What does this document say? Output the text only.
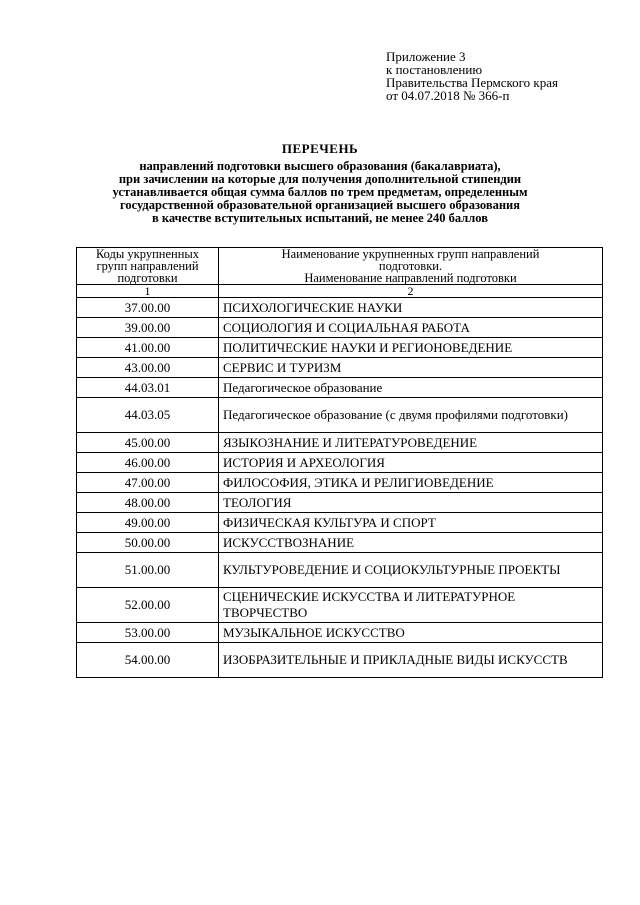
Приложение 3
к постановлению
Правительства Пермского края
от 04.07.2018 № 366-п
ПЕРЕЧЕНЬ
направлений подготовки высшего образования (бакалавриата),
при зачислении на которые для получения дополнительной стипендии
устанавливается общая сумма баллов по трем предметам, определенным
государственной образовательной организацией высшего образования
в качестве вступительных испытаний, не менее 240 баллов
Коды укрупненных
групп направлений
подготовки	Наименование укрупненных групп направлений
подготовки.
Наименование направлений подготовки

1	2
37.00.00	ПСИХОЛОГИЧЕСКИЕ НАУКИ
39.00.00	СОЦИОЛОГИЯ И СОЦИАЛЬНАЯ РАБОТА
41.00.00	ПОЛИТИЧЕСКИЕ НАУКИ И РЕГИОНОВЕДЕНИЕ
43.00.00	СЕРВИС И ТУРИЗМ
44.03.01	Педагогическое образование
44.03.05	Педагогическое образование (с двумя профилями подготовки)
45.00.00	ЯЗЫКОЗНАНИЕ И ЛИТЕРАТУРОВЕДЕНИЕ
46.00.00	ИСТОРИЯ И АРХЕОЛОГИЯ
47.00.00	ФИЛОСОФИЯ, ЭТИКА И РЕЛИГИОВЕДЕНИЕ
48.00.00	ТЕОЛОГИЯ
49.00.00	ФИЗИЧЕСКАЯ КУЛЬТУРА И СПОРТ
50.00.00	ИСКУССТВОЗНАНИЕ
51.00.00	КУЛЬТУРОВЕДЕНИЕ И СОЦИОКУЛЬТУРНЫЕ ПРОЕКТЫ
52.00.00	СЦЕНИЧЕСКИЕ ИСКУССТВА И ЛИТЕРАТУРНОЕ ТВОРЧЕСТВО
53.00.00	МУЗЫКАЛЬНОЕ ИСКУССТВО
54.00.00	ИЗОБРАЗИТЕЛЬНЫЕ И ПРИКЛАДНЫЕ ВИДЫ ИСКУССТВ
